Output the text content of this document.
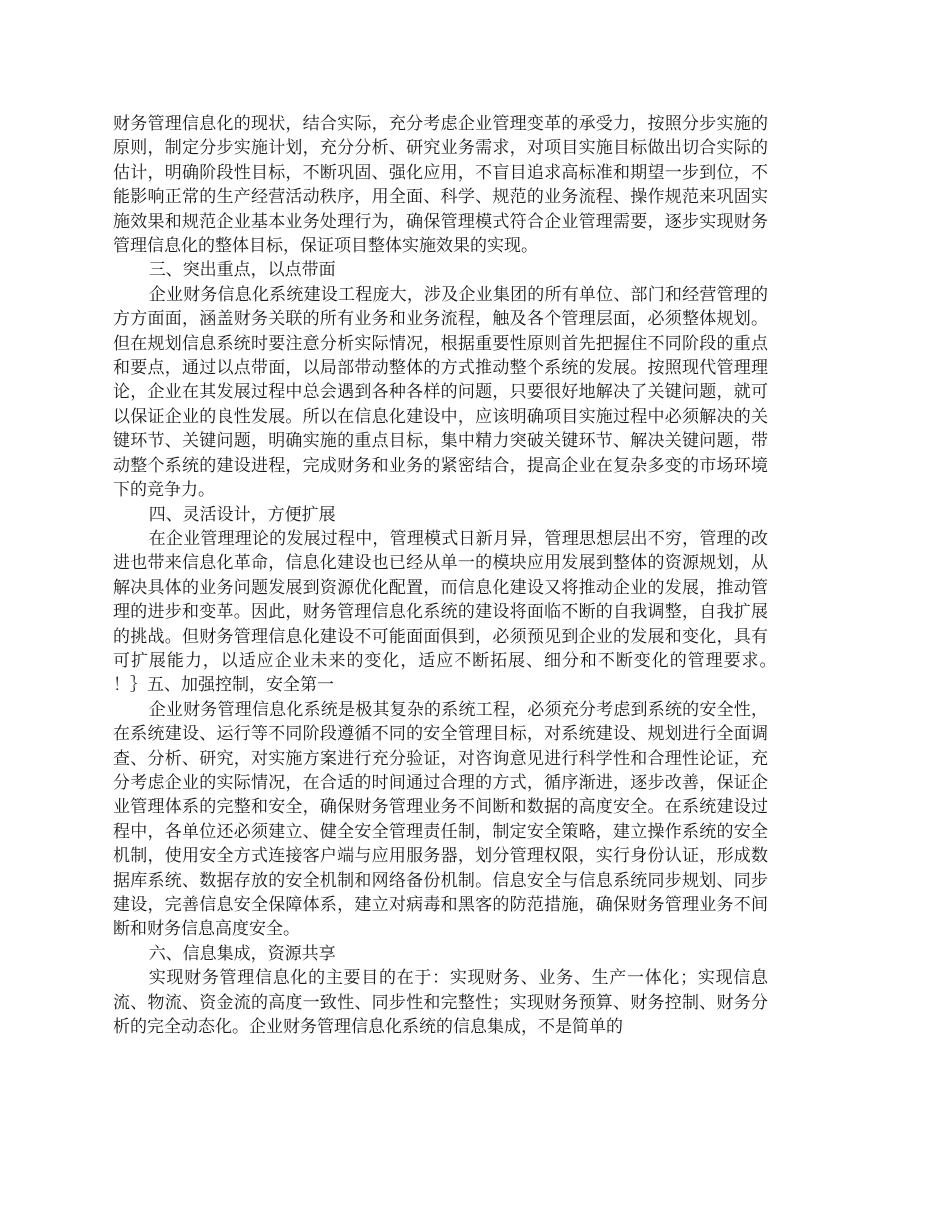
财务管理信息化的现状，结合实际，充分考虑企业管理变革的承受力，按照分步实施的原则，制定分步实施计划，充分分析、研究业务需求，对项目实施目标做出切合实际的估计，明确阶段性目标，不断巩固、强化应用，不盲目追求高标准和期望一步到位，不能影响正常的生产经营活动秩序，用全面、科学、规范的业务流程、操作规范来巩固实施效果和规范企业基本业务处理行为，确保管理模式符合企业管理需要，逐步实现财务管理信息化的整体目标，保证项目整体实施效果的实现。

三、突出重点，以点带面

企业财务信息化系统建设工程庞大，涉及企业集团的所有单位、部门和经营管理的方方面面，涵盖财务关联的所有业务和业务流程，触及各个管理层面，必须整体规划。但在规划信息系统时要注意分析实际情况，根据重要性原则首先把握住不同阶段的重点和要点，通过以点带面，以局部带动整体的方式推动整个系统的发展。按照现代管理理论，企业在其发展过程中总会遇到各种各样的问题，只要很好地解决了关键问题，就可以保证企业的良性发展。所以在信息化建设中，应该明确项目实施过程中必须解决的关键环节、关键问题，明确实施的重点目标，集中精力突破关键环节、解决关键问题，带动整个系统的建设进程，完成财务和业务的紧密结合，提高企业在复杂多变的市场环境下的竞争力。

四、灵活设计，方便扩展

在企业管理理论的发展过程中，管理模式日新月异，管理思想层出不穷，管理的改进也带来信息化革命，信息化建设也已经从单一的模块应用发展到整体的资源规划，从解决具体的业务问题发展到资源优化配置，而信息化建设又将推动企业的发展，推动管理的进步和变革。因此，财务管理信息化系统的建设将面临不断的自我调整，自我扩展的挑战。但财务管理信息化建设不可能面面俱到，必须预见到企业的发展和变化，具有可扩展能力，以适应企业未来的变化，适应不断拓展、细分和不断变化的管理要求。　 ！｝五、加强控制，安全第一

企业财务管理信息化系统是极其复杂的系统工程，必须充分考虑到系统的安全性，在系统建设、运行等不同阶段遵循不同的安全管理目标，对系统建设、规划进行全面调查、分析、研究，对实施方案进行充分验证，对咨询意见进行科学性和合理性论证，充分考虑企业的实际情况，在合适的时间通过合理的方式，循序渐进，逐步改善，保证企业管理体系的完整和安全，确保财务管理业务不间断和数据的高度安全。在系统建设过程中，各单位还必须建立、健全安全管理责任制，制定安全策略，建立操作系统的安全机制，使用安全方式连接客户端与应用服务器，划分管理权限，实行身份认证，形成数据库系统、数据存放的安全机制和网络备份机制。信息安全与信息系统同步规划、同步建设，完善信息安全保障体系，建立对病毒和黑客的防范措施，确保财务管理业务不间断和财务信息高度安全。

六、信息集成，资源共享

实现财务管理信息化的主要目的在于：实现财务、业务、生产一体化；实现信息流、物流、资金流的高度一致性、同步性和完整性；实现财务预算、财务控制、财务分析的完全动态化。企业财务管理信息化系统的信息集成，不是简单的
